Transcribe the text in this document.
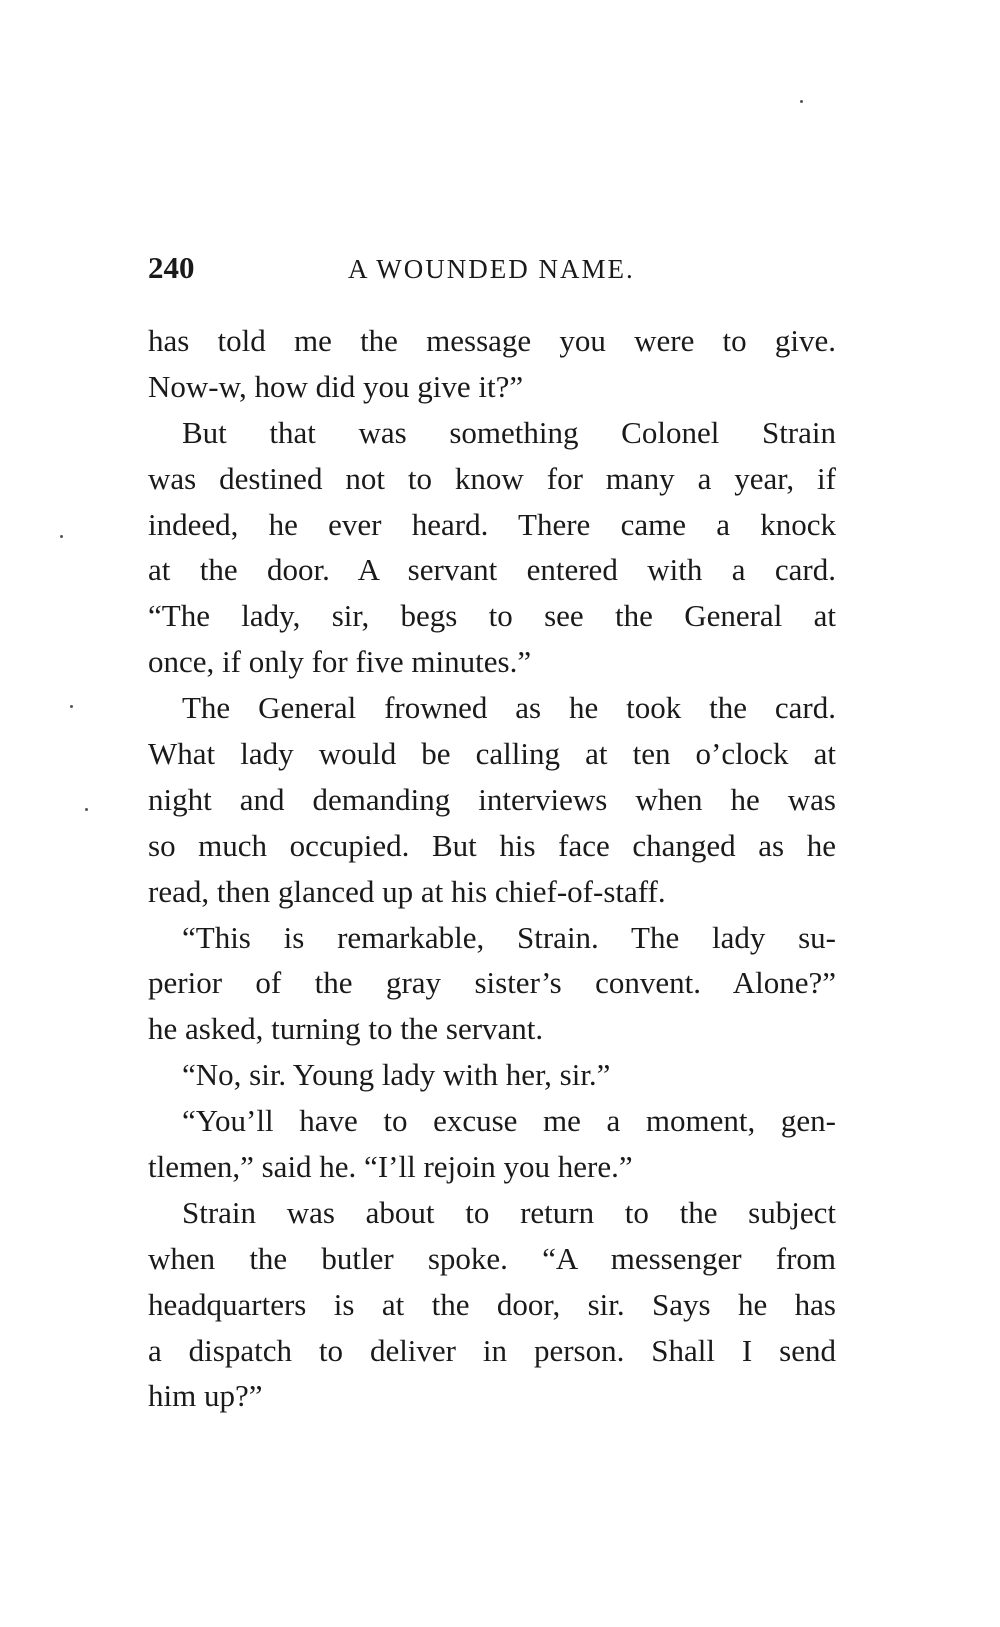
240	A WOUNDED NAME.
has told me the message you were to give.
Now-w, how did you give it?”
But that was something Colonel Strain
was destined not to know for many a year, if
indeed, he ever heard. There came a knock
at the door. A servant entered with a card.
“The lady, sir, begs to see the General at
once, if only for five minutes.”
The General frowned as he took the card.
What lady would be calling at ten o’clock at
night and demanding interviews when he was
so much occupied. But his face changed as he
read, then glanced up at his chief-of-staff.
“This is remarkable, Strain. The lady su-
perior of the gray sister’s convent. Alone?”
he asked, turning to the servant.
“No, sir. Young lady with her, sir.”
“You’ll have to excuse me a moment, gen-
tlemen,” said he. “I’ll rejoin you here.”
Strain was about to return to the subject
when the butler spoke. “A messenger from
headquarters is at the door, sir. Says he has
a dispatch to deliver in person. Shall I send
him up?”
